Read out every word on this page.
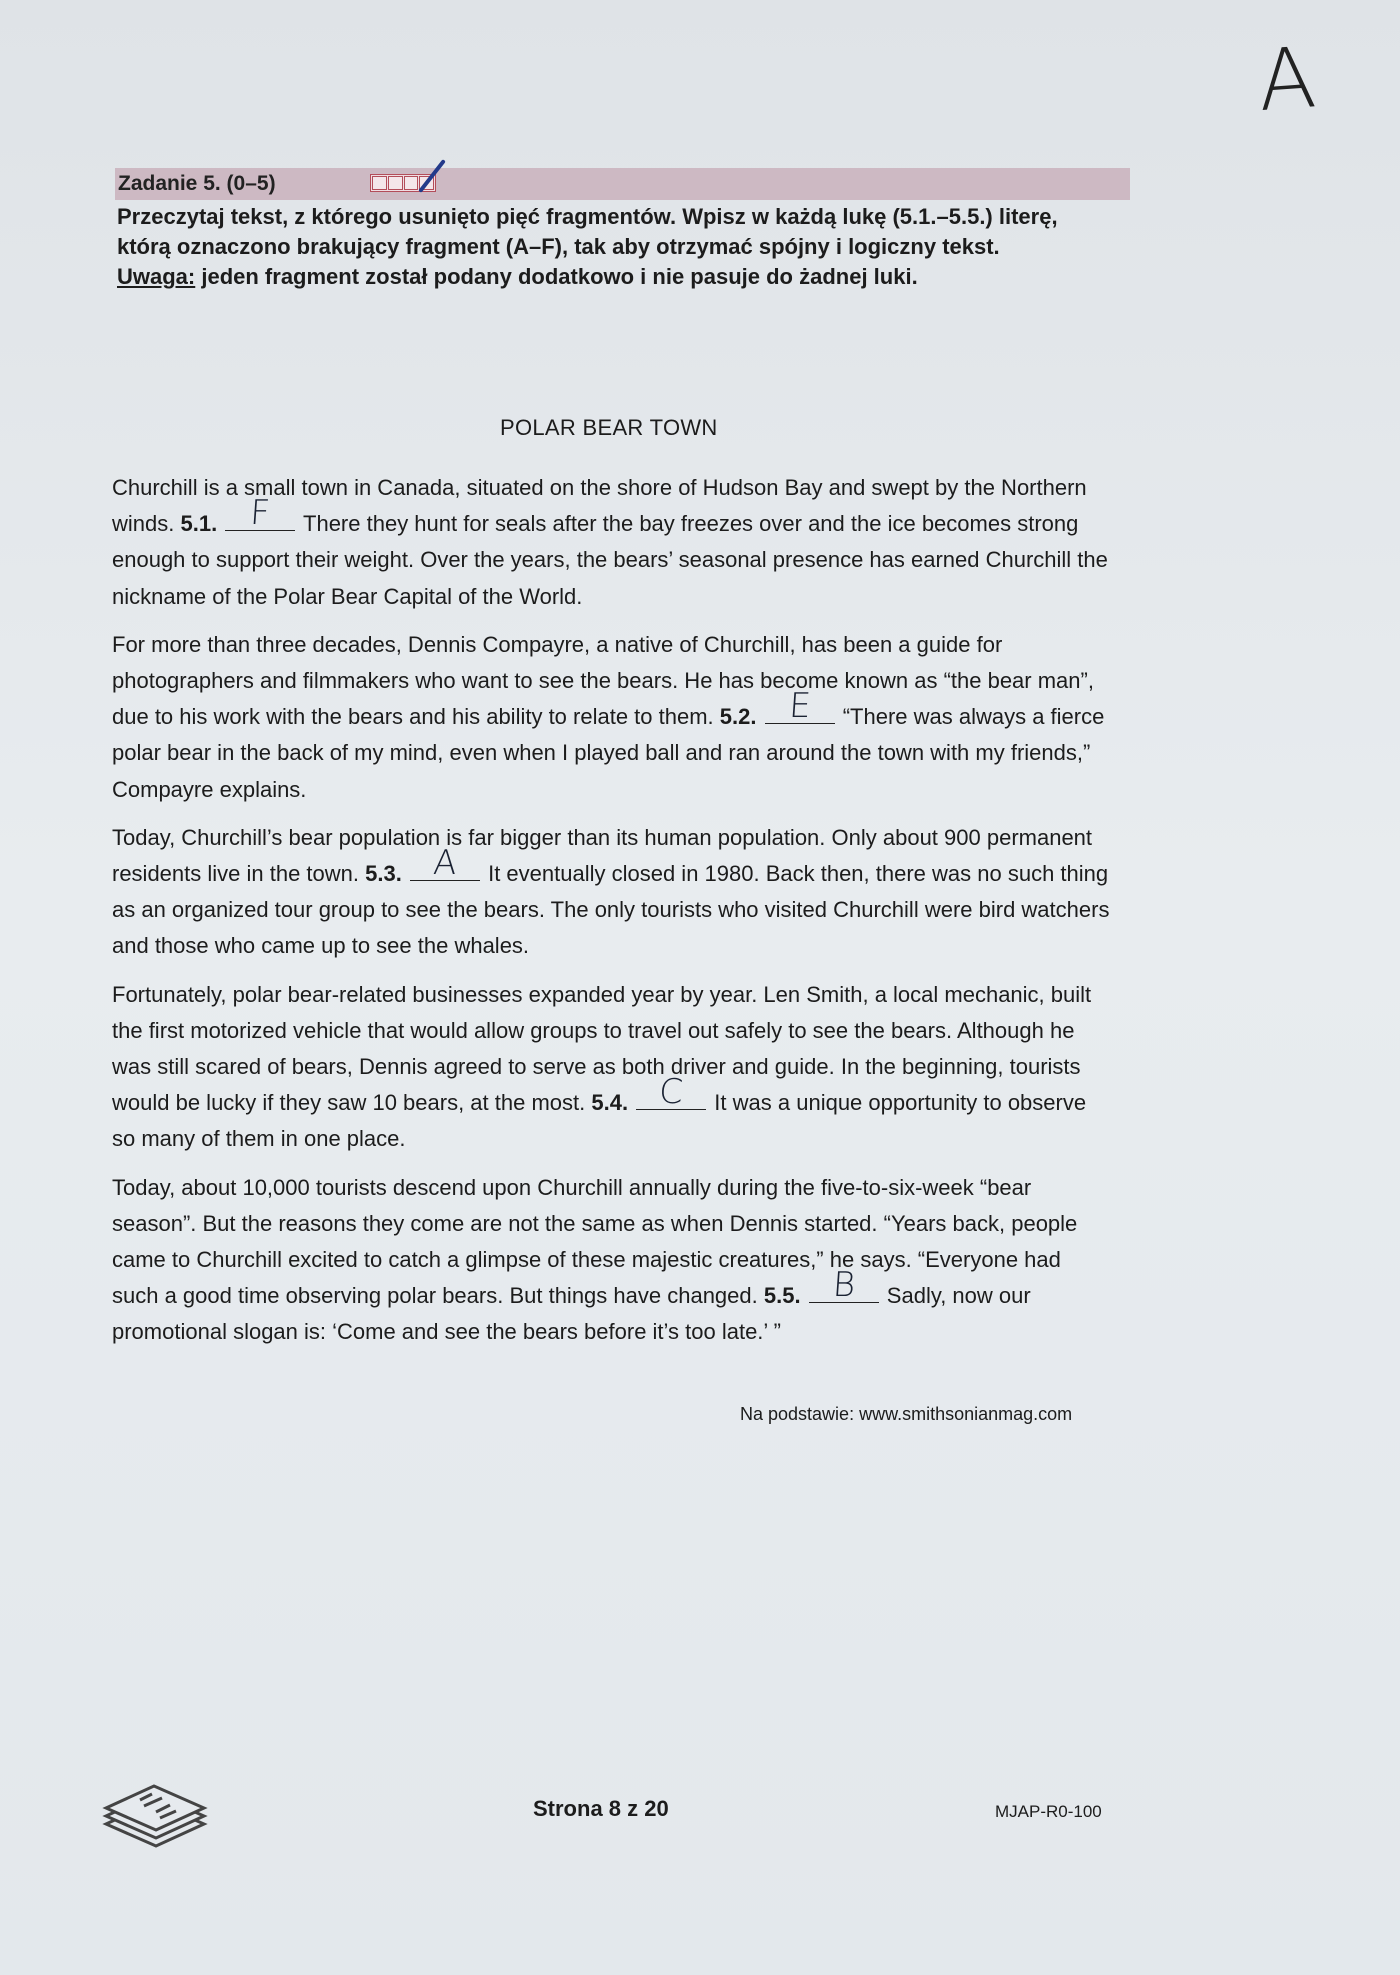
A
Zadanie 5. (0–5)
Przeczytaj tekst, z którego usunięto pięć fragmentów. Wpisz w każdą lukę (5.1.–5.5.) literę, którą oznaczono brakujący fragment (A–F), tak aby otrzymać spójny i logiczny tekst.
Uwaga: jeden fragment został podany dodatkowo i nie pasuje do żadnej luki.
POLAR BEAR TOWN

Churchill is a small town in Canada, situated on the shore of Hudson Bay and swept by the Northern winds. 5.1. F	There they hunt for seals after the bay freezes over and the ice becomes strong enough to support their weight. Over the years, the bears’ seasonal presence has earned Churchill the nickname of the Polar Bear Capital of the World.

For more than three decades, Dennis Compayre, a native of Churchill, has been a guide for photographers and filmmakers who want to see the bears. He has become known as “the bear man”, due to his work with the bears and his ability to relate to them. 5.2. E	“There was always a fierce polar bear in the back of my mind, even when I played ball and ran around the town with my friends,” Compayre explains.

Today, Churchill’s bear population is far bigger than its human population. Only about 900 permanent residents live in the town. 5.3. A	It eventually closed in 1980. Back then, there was no such thing as an organized tour group to see the bears. The only tourists who visited Churchill were bird watchers and those who came up to see the whales.

Fortunately, polar bear-related businesses expanded year by year. Len Smith, a local mechanic, built the first motorized vehicle that would allow groups to travel out safely to see the bears. Although he was still scared of bears, Dennis agreed to serve as both driver and guide. In the beginning, tourists would be lucky if they saw 10 bears, at the most. 5.4. C	It was a unique opportunity to observe so many of them in one place.

Today, about 10,000 tourists descend upon Churchill annually during the five-to-six-week “bear season”. But the reasons they come are not the same as when Dennis started. “Years back, people came to Churchill excited to catch a glimpse of these majestic creatures,” he says. “Everyone had such a good time observing polar bears. But things have changed. 5.5. B	Sadly, now our promotional slogan is: ‘Come and see the bears before it’s too late.’ ”

Na podstawie: www.smithsonianmag.com
Strona 8 z 20	MJAP-R0-100
